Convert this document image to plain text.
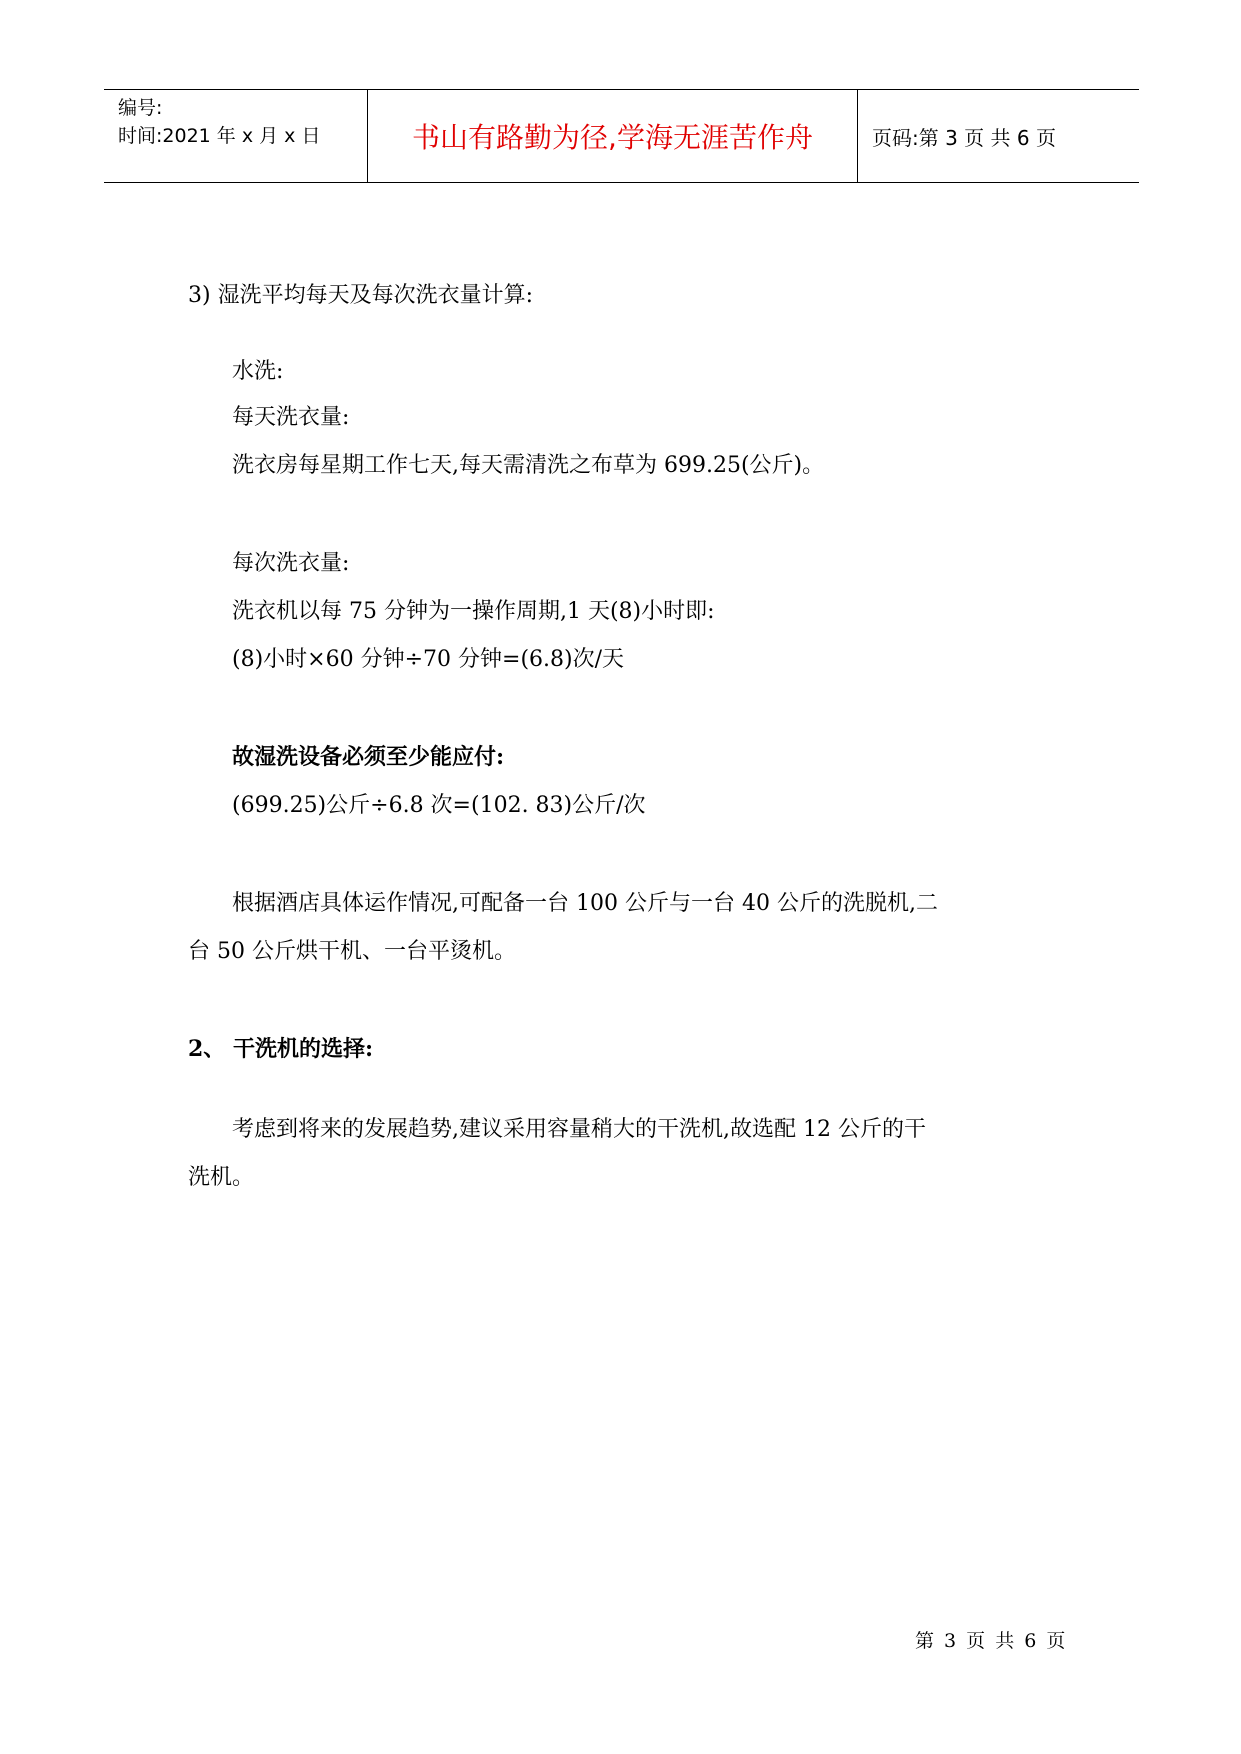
编号:
时间:2021 年 x 月 x 日	书山有路勤为径,学海无涯苦作舟	页码:第 3 页 共 6 页
3) 湿洗平均每天及每次洗衣量计算:
水洗:
每天洗衣量:
洗衣房每星期工作七天,每天需清洗之布草为 699.25(公斤)。
每次洗衣量:
洗衣机以每 75 分钟为一操作周期,1 天(8)小时即:
(8)小时×60 分钟÷70 分钟=(6.8)次/天
故湿洗设备必须至少能应付:
(699.25)公斤÷6.8 次=(102. 83)公斤/次
根据酒店具体运作情况,可配备一台 100 公斤与一台 40 公斤的洗脱机,二
台 50 公斤烘干机、一台平烫机。
2、 干洗机的选择:
考虑到将来的发展趋势,建议采用容量稍大的干洗机,故选配 12 公斤的干
洗机。
第 3 页 共 6 页
